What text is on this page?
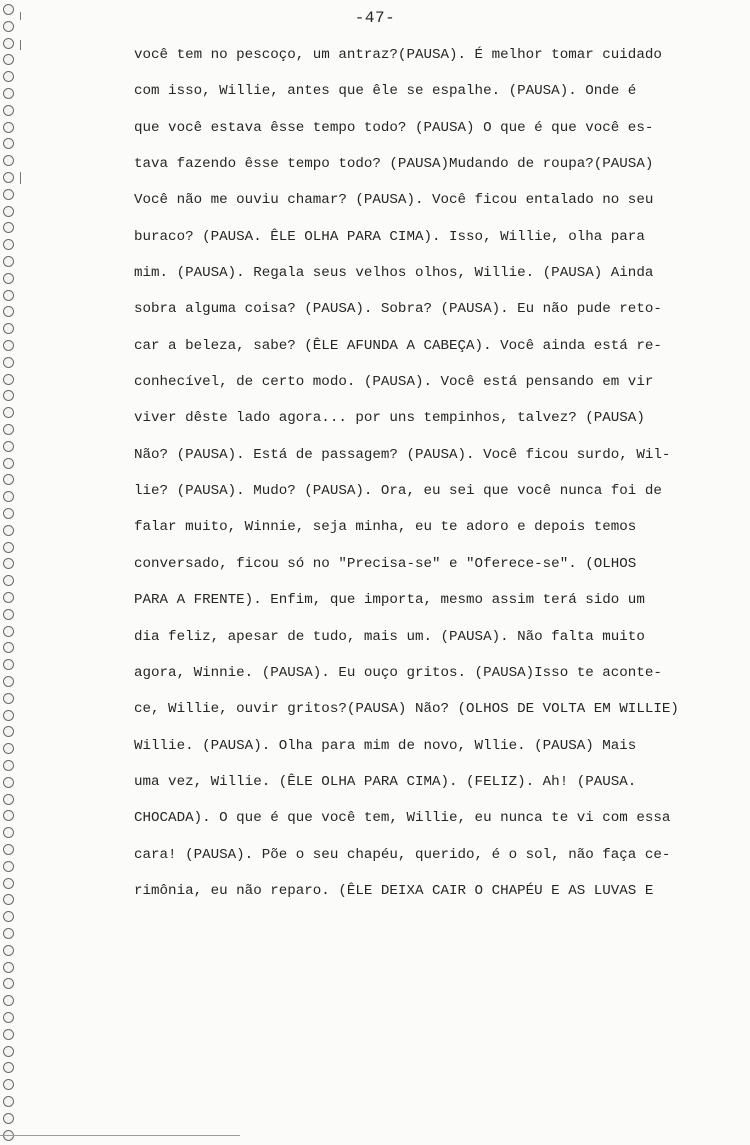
-47-
você tem no pescoço, um antraz?(PAUSA). É melhor tomar cuidado
com isso, Willie, antes que êle se espalhe. (PAUSA). Onde é
que você estava êsse tempo todo? (PAUSA) O que é que você es-
tava fazendo êsse tempo todo? (PAUSA)Mudando de roupa?(PAUSA)
Você não me ouviu chamar? (PAUSA). Você ficou entalado no seu
buraco? (PAUSA. ÊLE OLHA PARA CIMA). Isso, Willie, olha para
mim. (PAUSA). Regala seus velhos olhos, Willie. (PAUSA) Ainda
sobra alguma coisa? (PAUSA). Sobra? (PAUSA). Eu não pude reto-
car a beleza, sabe? (ÊLE AFUNDA A CABEÇA). Você ainda está re-
conhecível, de certo modo. (PAUSA). Você está pensando em vir
viver dêste lado agora... por uns tempinhos, talvez? (PAUSA)
Não? (PAUSA). Está de passagem? (PAUSA). Você ficou surdo, Wil-
lie? (PAUSA). Mudo? (PAUSA). Ora, eu sei que você nunca foi de
falar muito, Winnie, seja minha, eu te adoro e depois temos
conversado, ficou só no "Precisa-se" e "Oferece-se". (OLHOS
PARA A FRENTE). Enfim, que importa, mesmo assim terá sido um
dia feliz, apesar de tudo, mais um. (PAUSA). Não falta muito
agora, Winnie. (PAUSA). Eu ouço gritos. (PAUSA)Isso te aconte-
ce, Willie, ouvir gritos?(PAUSA) Não? (OLHOS DE VOLTA EM WILLIE)
Willie. (PAUSA). Olha para mim de novo, Wllie. (PAUSA) Mais
uma vez, Willie. (ÊLE OLHA PARA CIMA). (FELIZ). Ah! (PAUSA.
CHOCADA). O que é que você tem, Willie, eu nunca te vi com essa
cara! (PAUSA). Põe o seu chapéu, querido, é o sol, não faça ce-
rimônia, eu não reparo. (ÊLE DEIXA CAIR O CHAPÉU E AS LUVAS E
